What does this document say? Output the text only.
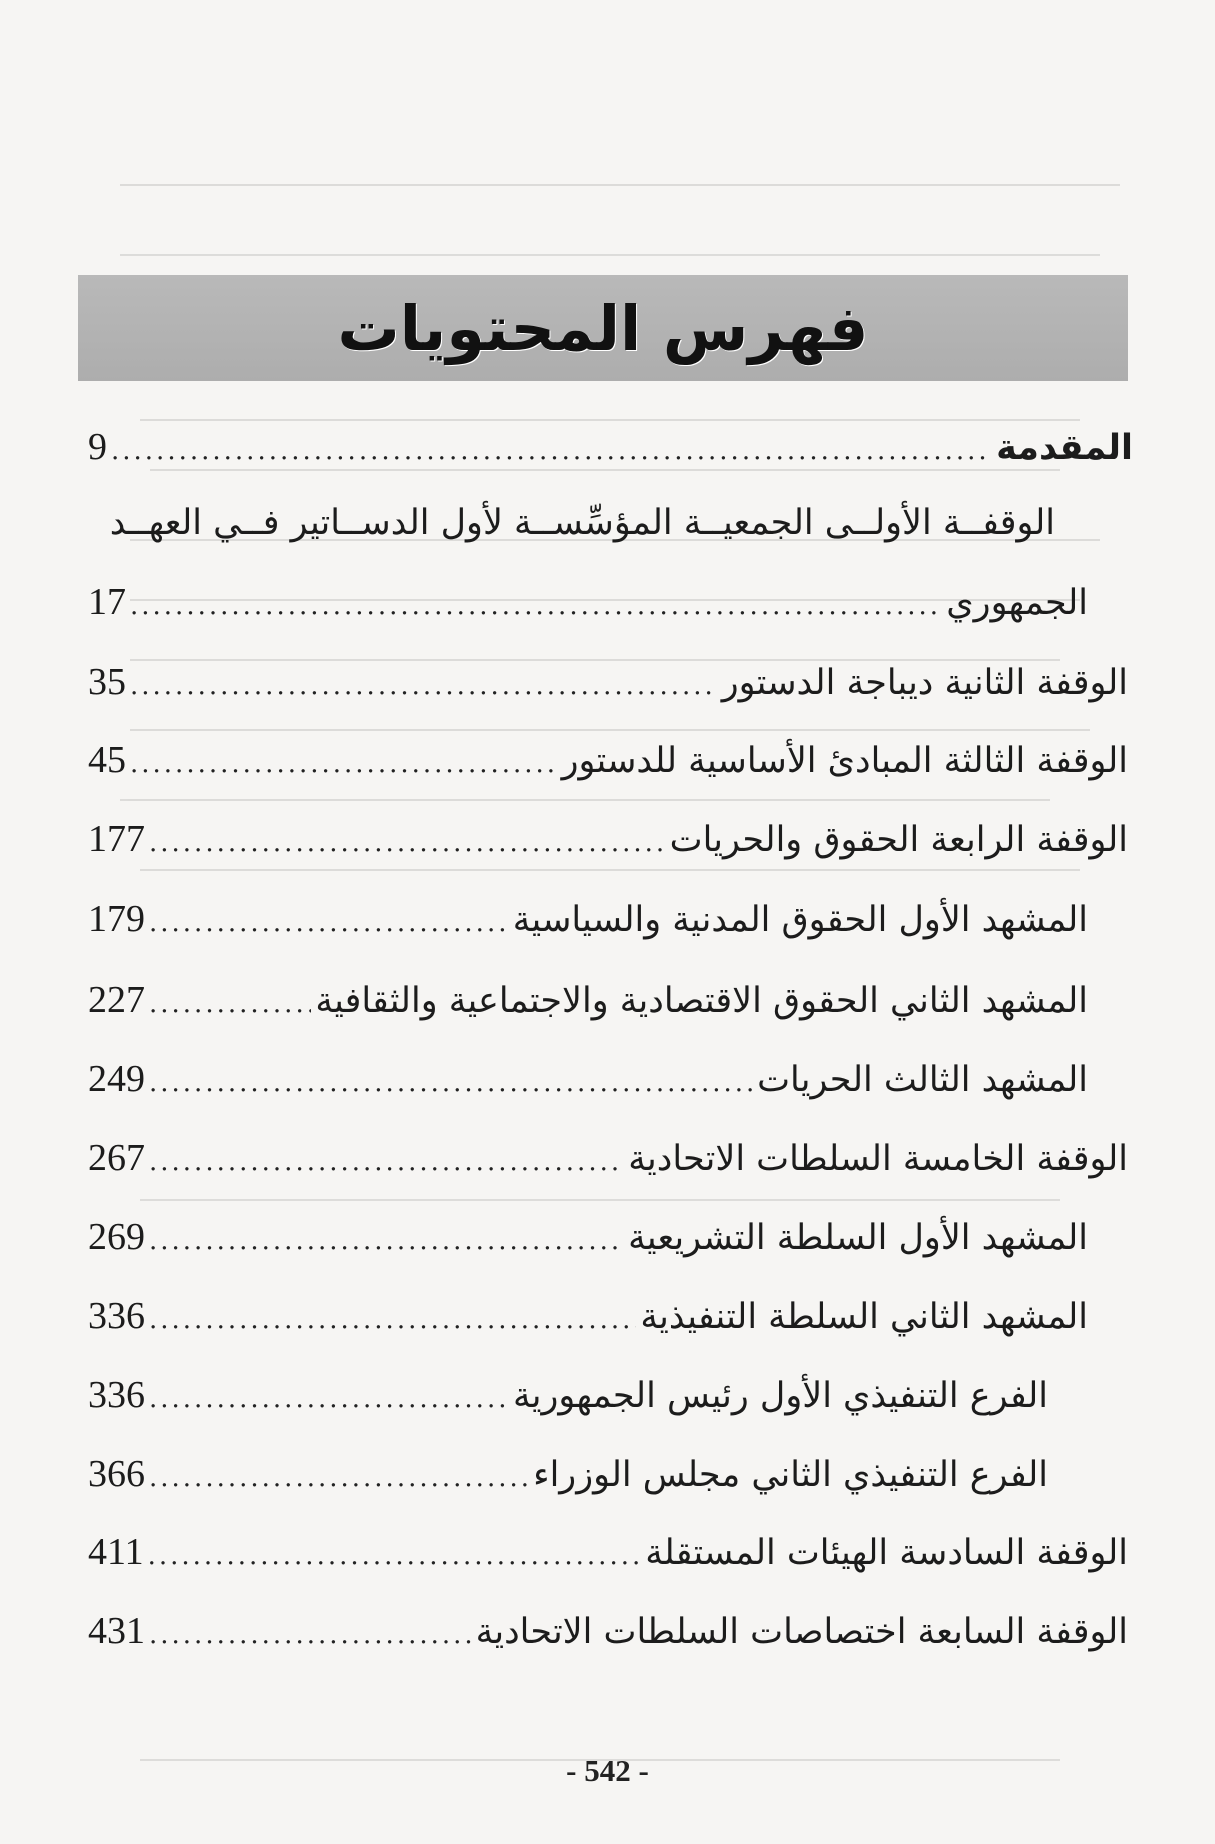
فهرس المحتويات
المقدمة
.....
9
الوقفــة الأولــى الجمعيــة المؤسِّســة لأول الدســاتير فــي العهــد
الجمهوري
.....
17
الوقفة الثانية ديباجة الدستور
.....
35
الوقفة الثالثة المبادئ الأساسية للدستور
.....
45
الوقفة الرابعة الحقوق والحريات
.....
177
المشهد الأول الحقوق المدنية والسياسية
.....
179
المشهد الثاني الحقوق الاقتصادية والاجتماعية والثقافية
.....
227
المشهد الثالث الحريات
.....
249
الوقفة الخامسة السلطات الاتحادية
.....
267
المشهد الأول السلطة التشريعية
.....
269
المشهد الثاني السلطة التنفيذية
.....
336
الفرع التنفيذي الأول رئيس الجمهورية
.....
336
الفرع التنفيذي الثاني مجلس الوزراء
.....
366
الوقفة السادسة الهيئات المستقلة
.....
411
الوقفة السابعة اختصاصات السلطات الاتحادية
.....
431
- 542 -
